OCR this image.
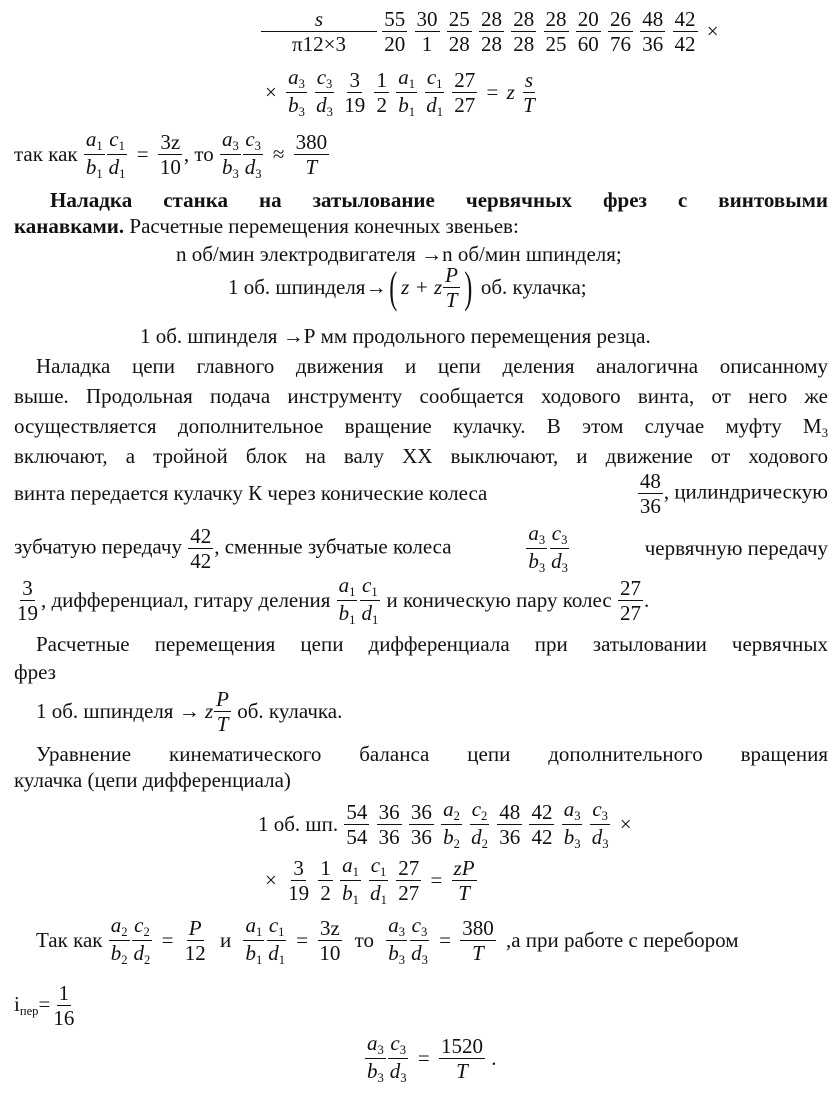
$\frac{s}{\pi 12\times 3}$
$\frac{55}{20}$
$\frac{30}{1}$
$\frac{25}{28}$
$\frac{28}{28}$
$\frac{28}{28}$
$\frac{28}{25}$
$\frac{20}{60}$
$\frac{26}{76}$
$\frac{48}{36}$
$\frac{42}{42}$ ×
× $\frac{a_3}{b_3}$
$\frac{c_3}{d_3}$
$\frac{3}{19}$
$\frac{1}{2}$
$\frac{a_1}{b_1}$
$\frac{c_1}{d_1}$
$\frac{27}{27} = z \frac{s}{T}$
так как $\frac{a_1}{b_1} \frac{c_1}{d_1} = \frac{3z}{10}$ , то $\frac{a_3}{b_3} \frac{c_3}{d_3} \approx \frac{380}{T}$
Наладка станка на затылование червячных фрез с винтовыми
канавками. Расчетные перемещения конечных звеньев:
n об/мин электродвигателя →n об/мин шпинделя;
1 об. шпинделя→( z + z $\frac{P}{T}$ ) об. кулачка;
1 об. шпинделя →Р мм продольного перемещения резца.
Наладка цепи главного движения и цепи деления аналогична описанному
выше. Продольная подача инструменту сообщается ходового винта, от него же
осуществляется дополнительное вращение кулачку. В этом случае муфту $М_3$
включают, а тройной блок на валу XX выключают, и движение от ходового
винта передается кулачку К через конические колеса	$\frac{48}{36}$ , цилиндрическую
зубчатую передачу $\frac{42}{42}$ , сменные зубчатые колеса	$\frac{a_3}{b_3} \frac{c_3}{d_3}$	червячную передачу
$\frac{3}{19}$ , дифференциал, гитару деления $\frac{a_1}{b_1} \frac{c_1}{d_1}$ и коническую пару колес $\frac{27}{27}$ .
Расчетные перемещения цепи дифференциала при затыловании червячных
фрез
1 об. шпинделя → z $\frac{P}{T}$ об. кулачка.
Уравнение кинематического баланса цепи дополнительного вращения
кулачка (цепи дифференциала)
1 об. шп. $\frac{54}{54}$
$\frac{36}{36}$
$\frac{36}{36}$
$\frac{a_2}{b_2}$
$\frac{c_2}{d_2}$
$\frac{48}{36}$
$\frac{42}{42}$
$\frac{a_3}{b_3}$
$\frac{c_3}{d_3}$ ×
× $\frac{3}{19}$
$\frac{1}{2}$
$\frac{a_1}{b_1}$
$\frac{c_1}{d_1}$
$\frac{27}{27} = \frac{zP}{T}$
Так как $\frac{a_2}{b_2} \frac{c_2}{d_2} = \frac{P}{12}$ и $\frac{a_1}{b_1} \frac{c_1}{d_1} = \frac{3z}{10}$ то $\frac{a_3}{b_3} \frac{c_3}{d_3} = \frac{380}{T} ,а$ при работе с перебором
$i_{пер}= \frac{1}{16}$
$\frac{a_3}{b_3} \frac{c_3}{d_3} = \frac{1520}{T}$ .
